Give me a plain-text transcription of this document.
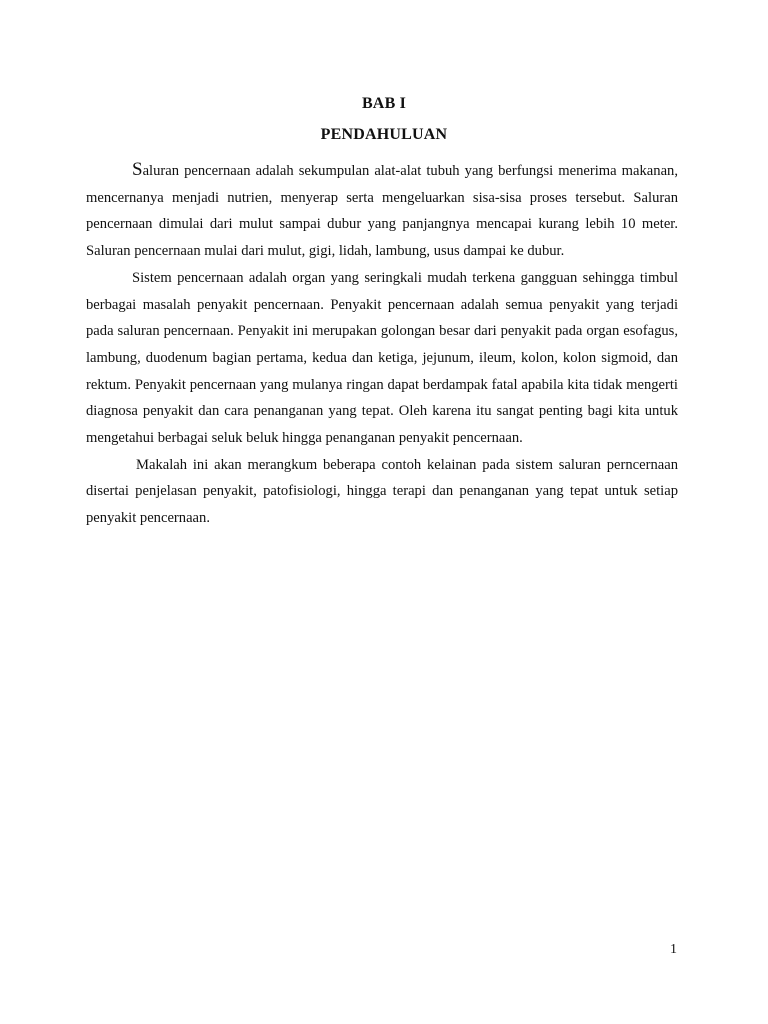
BAB I
PENDAHULUAN

Saluran pencernaan adalah sekumpulan alat-alat tubuh yang berfungsi menerima makanan, mencernanya menjadi nutrien, menyerap serta mengeluarkan sisa-sisa proses tersebut. Saluran pencernaan dimulai dari mulut sampai dubur yang panjangnya mencapai kurang lebih 10 meter. Saluran pencernaan mulai dari mulut, gigi, lidah, lambung, usus dampai ke dubur.

Sistem pencernaan adalah organ yang seringkali mudah terkena gangguan sehingga timbul berbagai masalah penyakit pencernaan. Penyakit pencernaan adalah semua penyakit yang terjadi pada saluran pencernaan. Penyakit ini merupakan golongan besar dari penyakit pada organ esofagus, lambung, duodenum bagian pertama, kedua dan ketiga, jejunum, ileum, kolon, kolon sigmoid, dan rektum. Penyakit pencernaan yang mulanya ringan dapat berdampak fatal apabila kita tidak mengerti diagnosa penyakit dan cara penanganan yang tepat. Oleh karena itu sangat penting bagi kita untuk mengetahui berbagai seluk beluk hingga penanganan penyakit pencernaan.

Makalah ini akan merangkum beberapa contoh kelainan pada sistem saluran perncernaan disertai penjelasan penyakit, patofisiologi, hingga terapi dan penanganan yang tepat untuk setiap penyakit pencernaan.

1
